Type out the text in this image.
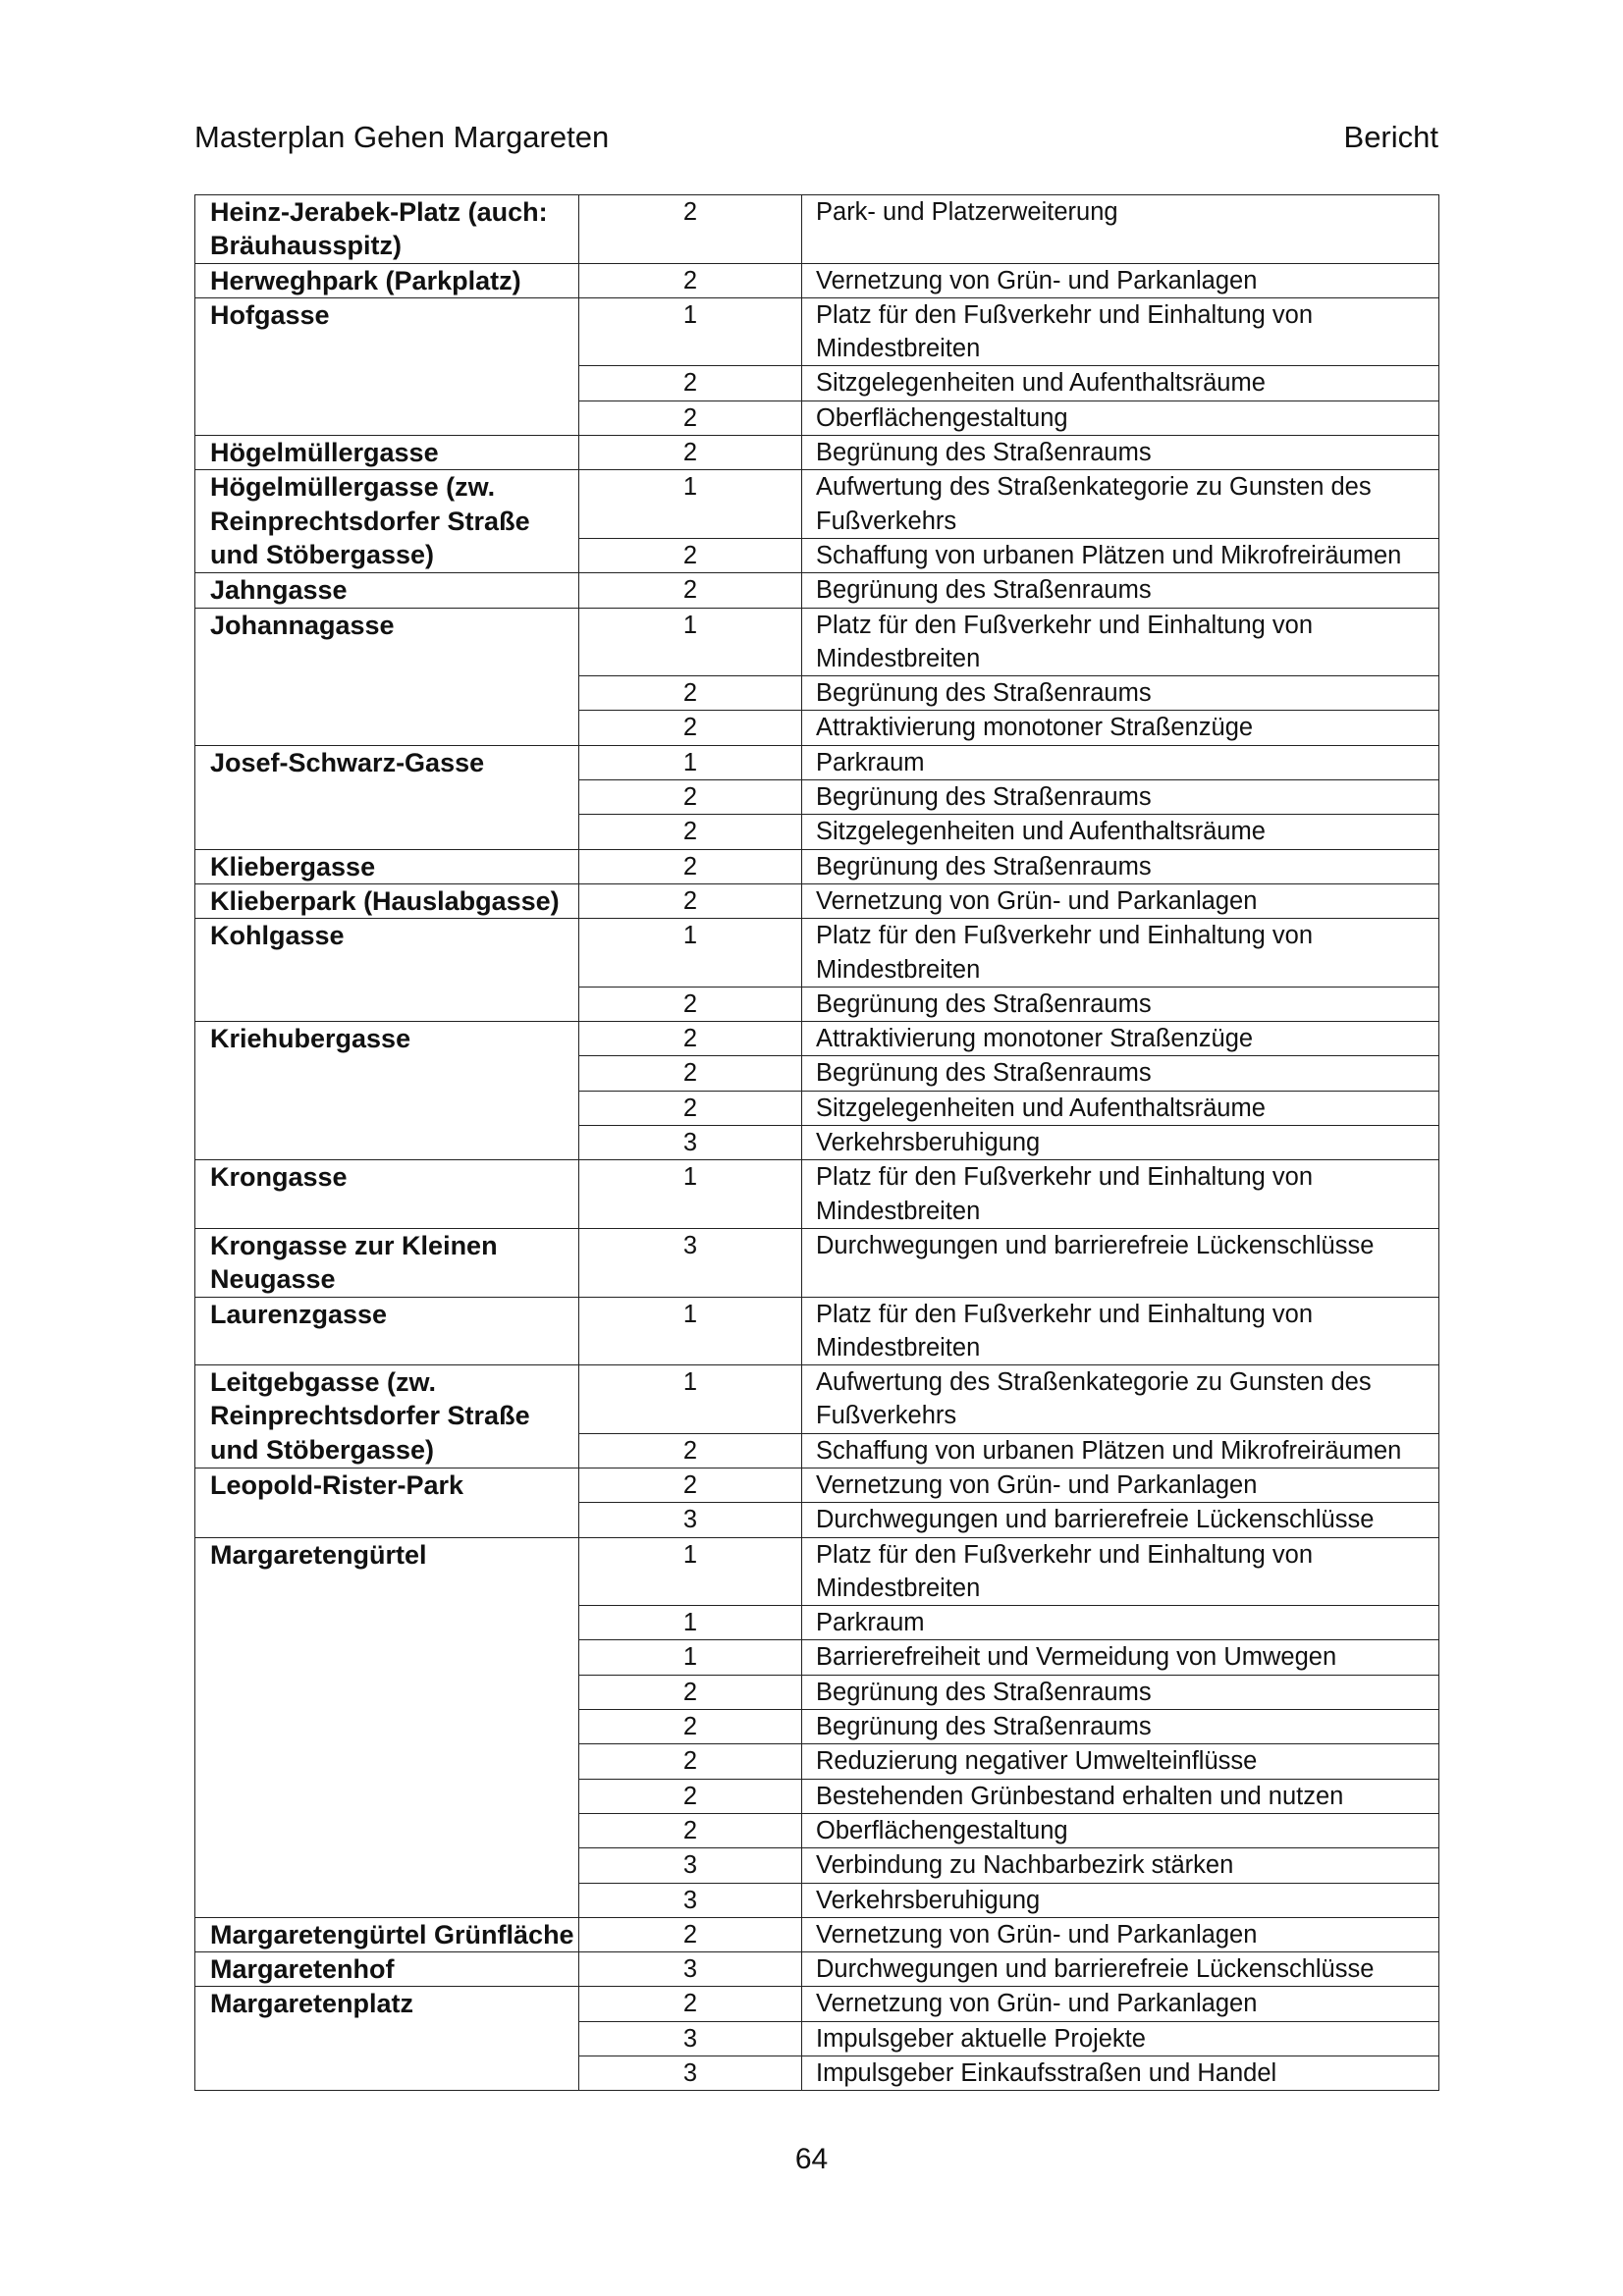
Masterplan Gehen Margareten	Bericht
Heinz-Jerabek-Platz (auch: Bräuhausspitz)	2	Park- und Platzerweiterung
Herweghpark (Parkplatz)	2	Vernetzung von Grün- und Parkanlagen
Hofgasse	1	Platz für den Fußverkehr und Einhaltung von Mindestbreiten
	2	Sitzgelegenheiten und Aufenthaltsräume
	2	Oberflächengestaltung
Högelmüllergasse	2	Begrünung des Straßenraums
Högelmüllergasse (zw. Reinprechtsdorfer Straße und Stöbergasse)	1	Aufwertung des Straßenkategorie zu Gunsten des Fußverkehrs
	2	Schaffung von urbanen Plätzen und Mikrofreiräumen
Jahngasse	2	Begrünung des Straßenraums
Johannagasse	1	Platz für den Fußverkehr und Einhaltung von Mindestbreiten
	2	Begrünung des Straßenraums
	2	Attraktivierung monotoner Straßenzüge
Josef-Schwarz-Gasse	1	Parkraum
	2	Begrünung des Straßenraums
	2	Sitzgelegenheiten und Aufenthaltsräume
Kliebergasse	2	Begrünung des Straßenraums
Klieberpark (Hauslabgasse)	2	Vernetzung von Grün- und Parkanlagen
Kohlgasse	1	Platz für den Fußverkehr und Einhaltung von Mindestbreiten
	2	Begrünung des Straßenraums
Kriehubergasse	2	Attraktivierung monotoner Straßenzüge
	2	Begrünung des Straßenraums
	2	Sitzgelegenheiten und Aufenthaltsräume
	3	Verkehrsberuhigung
Krongasse	1	Platz für den Fußverkehr und Einhaltung von Mindestbreiten
Krongasse zur Kleinen Neugasse	3	Durchwegungen und barrierefreie Lückenschlüsse
Laurenzgasse	1	Platz für den Fußverkehr und Einhaltung von Mindestbreiten
Leitgebgasse (zw. Reinprechtsdorfer Straße und Stöbergasse)	1	Aufwertung des Straßenkategorie zu Gunsten des Fußverkehrs
	2	Schaffung von urbanen Plätzen und Mikrofreiräumen
Leopold-Rister-Park	2	Vernetzung von Grün- und Parkanlagen
	3	Durchwegungen und barrierefreie Lückenschlüsse
Margaretengürtel	1	Platz für den Fußverkehr und Einhaltung von Mindestbreiten
	1	Parkraum
	1	Barrierefreiheit und Vermeidung von Umwegen
	2	Begrünung des Straßenraums
	2	Begrünung des Straßenraums
	2	Reduzierung negativer Umwelteinflüsse
	2	Bestehenden Grünbestand erhalten und nutzen
	2	Oberflächengestaltung
	3	Verbindung zu Nachbarbezirk stärken
	3	Verkehrsberuhigung
Margaretengürtel Grünfläche	2	Vernetzung von Grün- und Parkanlagen
Margaretenhof	3	Durchwegungen und barrierefreie Lückenschlüsse
Margaretenplatz	2	Vernetzung von Grün- und Parkanlagen
	3	Impulsgeber aktuelle Projekte
	3	Impulsgeber Einkaufsstraßen und Handel
64
